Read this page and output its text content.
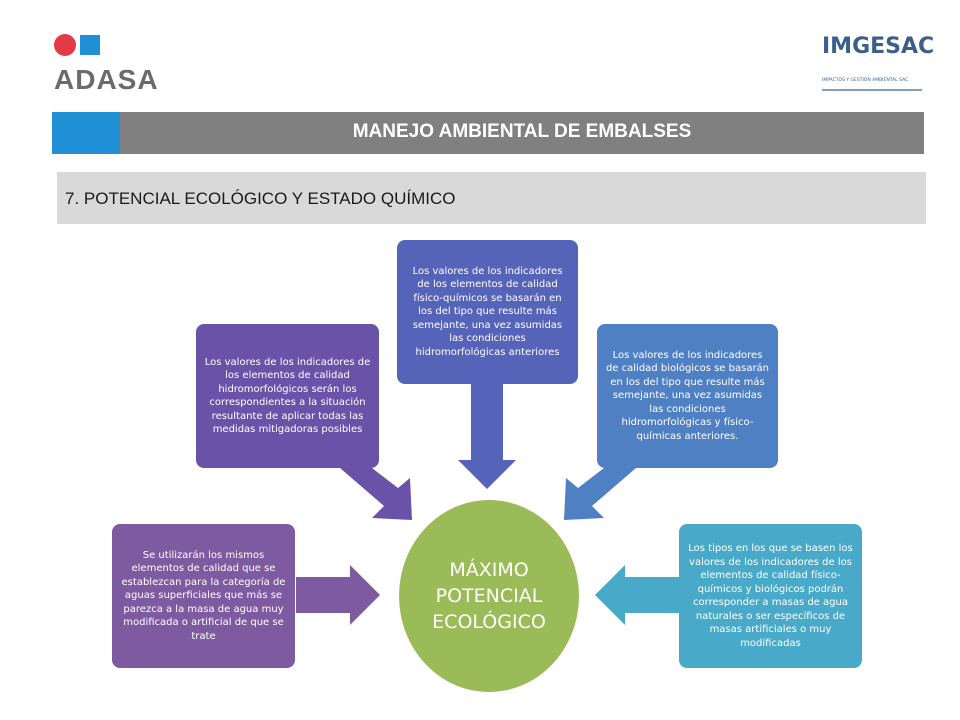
ADASA
IMGESAC
IMPACTOS Y GESTIÓN AMBIENTAL SAC
MANEJO AMBIENTAL DE EMBALSES
7. POTENCIAL ECOLÓGICO Y ESTADO QUÍMICO
Se utilizarán los mismos elementos de calidad que se establezcan para la categoría de aguas superficiales que más se parezca a la masa de agua muy modificada o artificial de que se trate
Los valores de los indicadores de los elementos de calidad hidromorfológicos serán los correspondientes a la situación resultante de aplicar todas las medidas mitigadoras posibles
Los valores de los indicadores de los elementos de calidad físico-químicos se basarán en los del tipo que resulte más semejante, una vez asumidas las condiciones hidromorfológicas anteriores	Los valores de los indicadores de calidad biológicos se basarán en los del tipo que resulte más semejante, una vez asumidas las condiciones hidromorfológicas y físico-químicas anteriores.
Los tipos en los que se basen los valores de los indicadores de los elementos de calidad físico-químicos y biológicos podrán corresponder a masas de agua naturales o ser específicos de masas artificiales o muy modificadas
MÁXIMO
POTENCIAL
ECOLÓGICO
